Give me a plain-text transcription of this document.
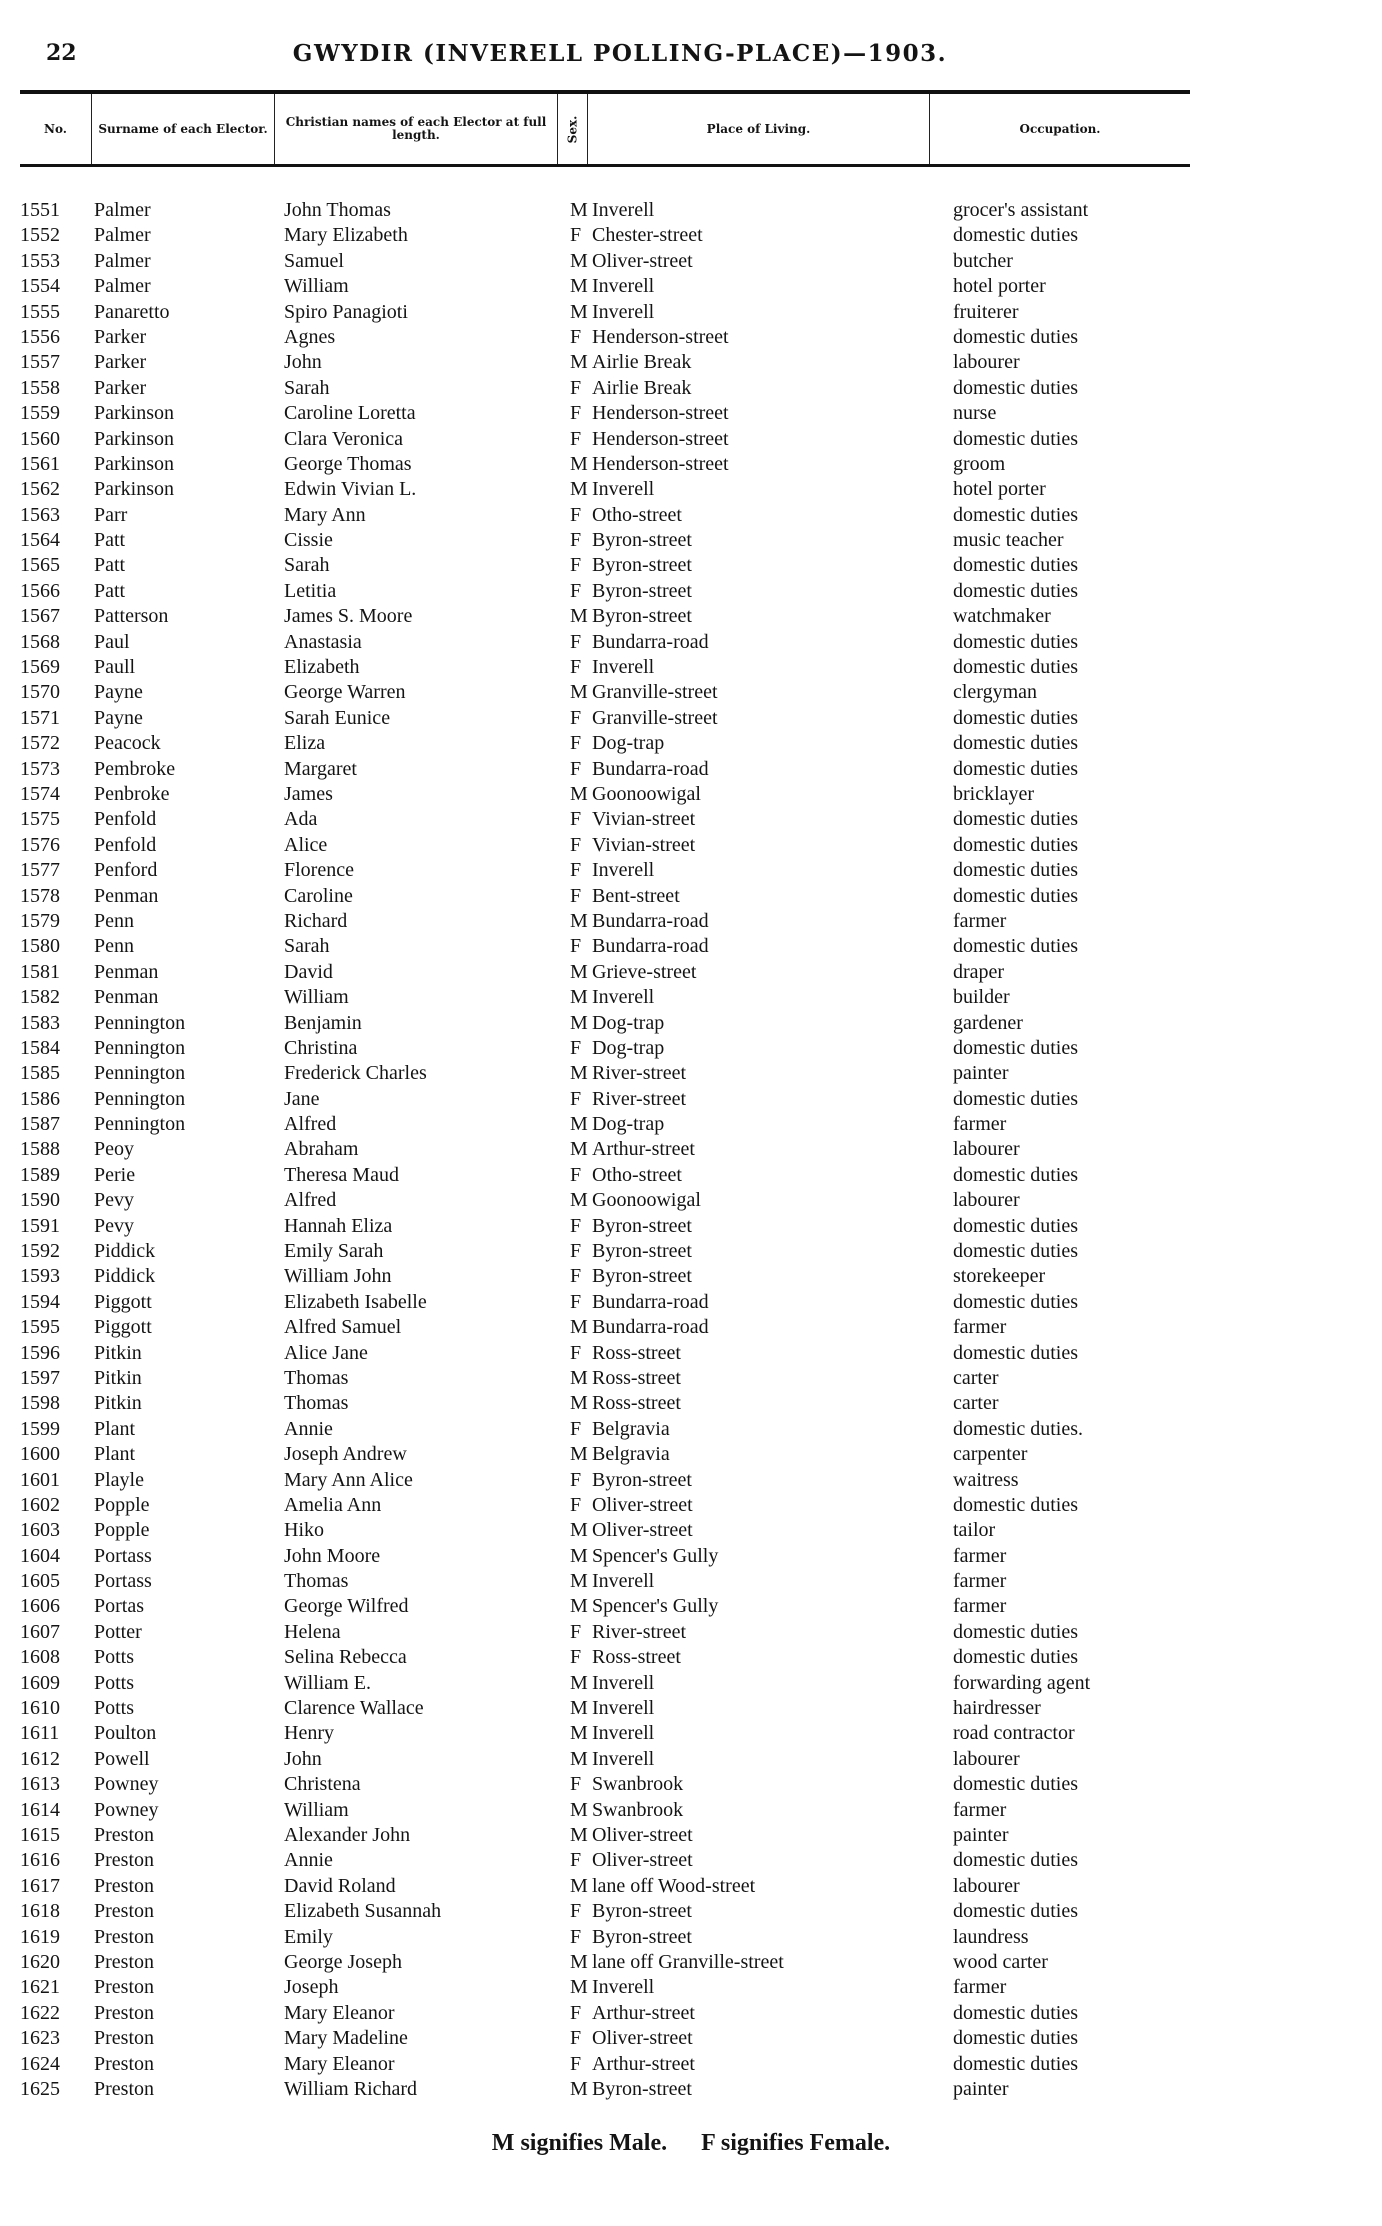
22	GWYDIR (INVERELL POLLING-PLACE)—1903.
No.	Surname of each Elector.	Christian names of each Elector at full length.	Sex.	Place of Living.	Occupation.
1551	Palmer	John Thomas	M Inverell	grocer's assistant
1552	Palmer	Mary Elizabeth	F Chester-street	domestic duties
1553	Palmer	Samuel	M Oliver-street	butcher
1554	Palmer	William	M Inverell	hotel porter
1555	Panaretto	Spiro Panagioti	M Inverell	fruiterer
1556	Parker	Agnes	F Henderson-street	domestic duties
1557	Parker	John	M Airlie Break	labourer
1558	Parker	Sarah	F Airlie Break	domestic duties
1559	Parkinson	Caroline Loretta	F Henderson-street	nurse
1560	Parkinson	Clara Veronica	F Henderson-street	domestic duties
1561	Parkinson	George Thomas	M Henderson-street	groom
1562	Parkinson	Edwin Vivian L.	M Inverell	hotel porter
1563	Parr	Mary Ann	F Otho-street	domestic duties
1564	Patt	Cissie	F Byron-street	music teacher
1565	Patt	Sarah	F Byron-street	domestic duties
1566	Patt	Letitia	F Byron-street	domestic duties
1567	Patterson	James S. Moore	M Byron-street	watchmaker
1568	Paul	Anastasia	F Bundarra-road	domestic duties
1569	Paull	Elizabeth	F Inverell	domestic duties
1570	Payne	George Warren	M Granville-street	clergyman
1571	Payne	Sarah Eunice	F Granville-street	domestic duties
1572	Peacock	Eliza	F Dog-trap	domestic duties
1573	Pembroke	Margaret	F Bundarra-road	domestic duties
1574	Penbroke	James	M Goonoowigal	bricklayer
1575	Penfold	Ada	F Vivian-street	domestic duties
1576	Penfold	Alice	F Vivian-street	domestic duties
1577	Penford	Florence	F Inverell	domestic duties
1578	Penman	Caroline	F Bent-street	domestic duties
1579	Penn	Richard	M Bundarra-road	farmer
1580	Penn	Sarah	F Bundarra-road	domestic duties
1581	Penman	David	M Grieve-street	draper
1582	Penman	William	M Inverell	builder
1583	Pennington	Benjamin	M Dog-trap	gardener
1584	Pennington	Christina	F Dog-trap	domestic duties
1585	Pennington	Frederick Charles	M River-street	painter
1586	Pennington	Jane	F River-street	domestic duties
1587	Pennington	Alfred	M Dog-trap	farmer
1588	Peoy	Abraham	M Arthur-street	labourer
1589	Perie	Theresa Maud	F Otho-street	domestic duties
1590	Pevy	Alfred	M Goonoowigal	labourer
1591	Pevy	Hannah Eliza	F Byron-street	domestic duties
1592	Piddick	Emily Sarah	F Byron-street	domestic duties
1593	Piddick	William John	F Byron-street	storekeeper
1594	Piggott	Elizabeth Isabelle	F Bundarra-road	domestic duties
1595	Piggott	Alfred Samuel	M Bundarra-road	farmer
1596	Pitkin	Alice Jane	F Ross-street	domestic duties
1597	Pitkin	Thomas	M Ross-street	carter
1598	Pitkin	Thomas	M Ross-street	carter
1599	Plant	Annie	F Belgravia	domestic duties.
1600	Plant	Joseph Andrew	M Belgravia	carpenter
1601	Playle	Mary Ann Alice	F Byron-street	waitress
1602	Popple	Amelia Ann	F Oliver-street	domestic duties
1603	Popple	Hiko	M Oliver-street	tailor
1604	Portass	John Moore	M Spencer's Gully	farmer
1605	Portass	Thomas	M Inverell	farmer
1606	Portas	George Wilfred	M Spencer's Gully	farmer
1607	Potter	Helena	F River-street	domestic duties
1608	Potts	Selina Rebecca	F Ross-street	domestic duties
1609	Potts	William E.	M Inverell	forwarding agent
1610	Potts	Clarence Wallace	M Inverell	hairdresser
1611	Poulton	Henry	M Inverell	road contractor
1612	Powell	John	M Inverell	labourer
1613	Powney	Christena	F Swanbrook	domestic duties
1614	Powney	William	M Swanbrook	farmer
1615	Preston	Alexander John	M Oliver-street	painter
1616	Preston	Annie	F Oliver-street	domestic duties
1617	Preston	David Roland	M lane off Wood-street	labourer
1618	Preston	Elizabeth Susannah	F Byron-street	domestic duties
1619	Preston	Emily	F Byron-street	laundress
1620	Preston	George Joseph	M lane off Granville-street	wood carter
1621	Preston	Joseph	M Inverell	farmer
1622	Preston	Mary Eleanor	F Arthur-street	domestic duties
1623	Preston	Mary Madeline	F Oliver-street	domestic duties
1624	Preston	Mary Eleanor	F Arthur-street	domestic duties
1625	Preston	William Richard	M Byron-street	painter
M signifies Male. F signifies Female.
